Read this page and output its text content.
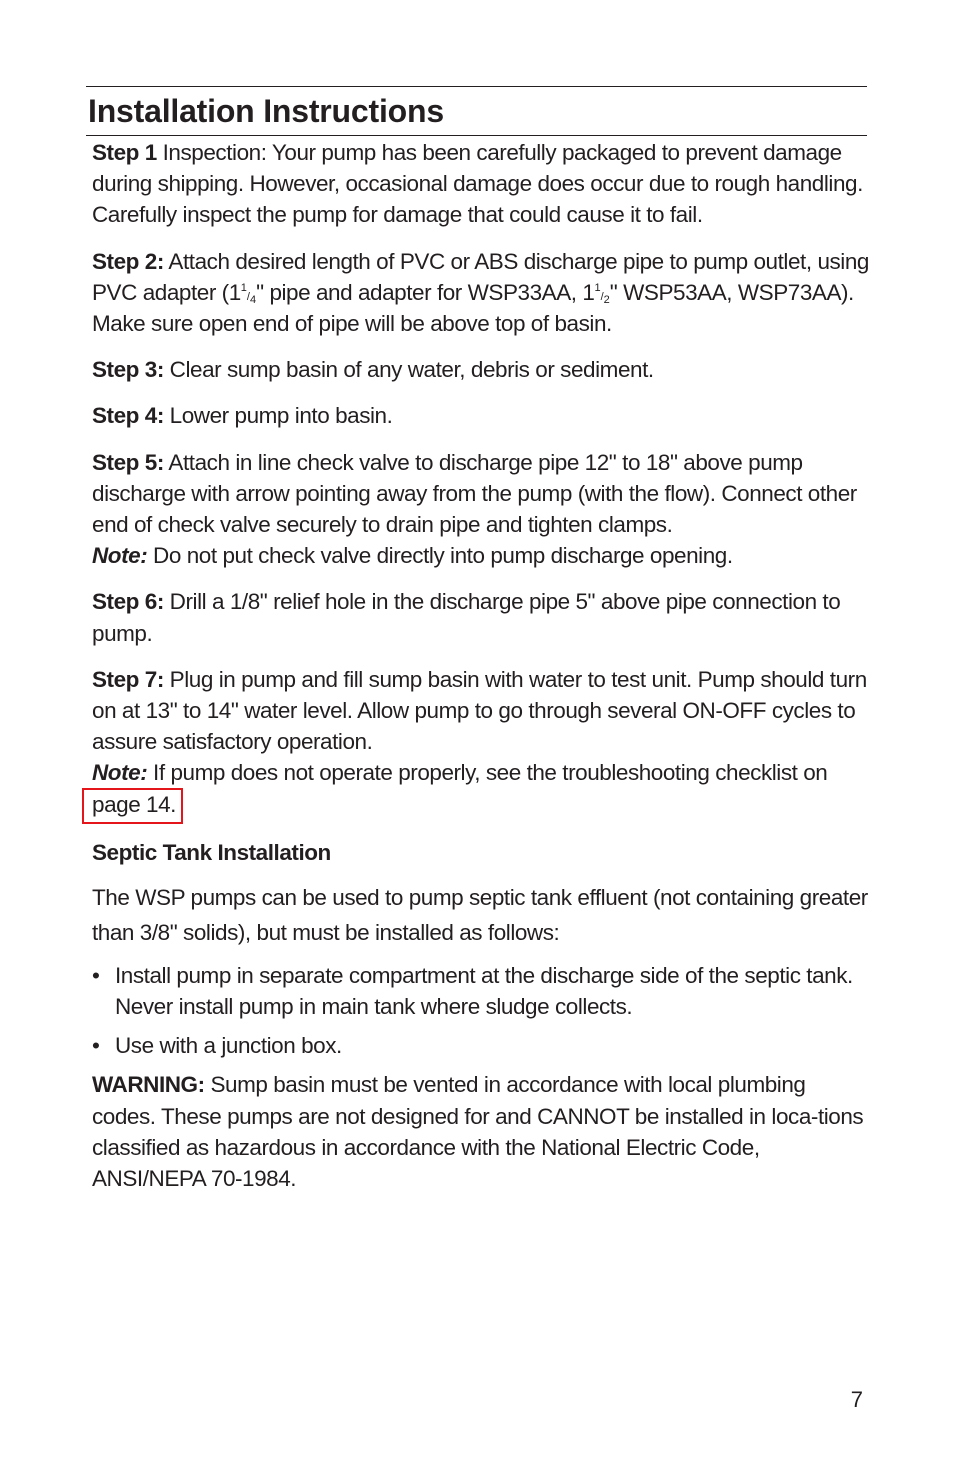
Installation Instructions

Step 1 Inspection: Your pump has been carefully packaged to prevent damage during shipping. However, occasional damage does occur due to rough handling. Carefully inspect the pump for damage that could cause it to fail.

Step 2: Attach desired length of PVC or ABS discharge pipe to pump outlet, using PVC adapter (11/4" pipe and adapter for WSP33AA, 11/2" WSP53AA, WSP73AA). Make sure open end of pipe will be above top of basin.

Step 3: Clear sump basin of any water, debris or sediment.

Step 4: Lower pump into basin.

Step 5: Attach in line check valve to discharge pipe 12" to 18" above pump discharge with arrow pointing away from the pump (with the flow). Connect other end of check valve securely to drain pipe and tighten clamps.
Note: Do not put check valve directly into pump discharge opening.

Step 6: Drill a 1/8" relief hole in the discharge pipe 5" above pipe connection to pump.

Step 7: Plug in pump and fill sump basin with water to test unit. Pump should turn on at 13" to 14" water level. Allow pump to go through several ON-OFF cycles to assure satisfactory operation.
Note: If pump does not operate properly, see the troubleshooting checklist on
page 14.

Septic Tank Installation

The WSP pumps can be used to pump septic tank effluent (not containing greater than 3/8" solids), but must be installed as follows:

• Install pump in separate compartment at the discharge side of the septic tank. Never install pump in main tank where sludge collects.
• Use with a junction box.

WARNING: Sump basin must be vented in accordance with local plumbing codes. These pumps are not designed for and CANNOT be installed in loca-tions classified as hazardous in accordance with the National Electric Code, ANSI/NEPA 70-1984.

7
